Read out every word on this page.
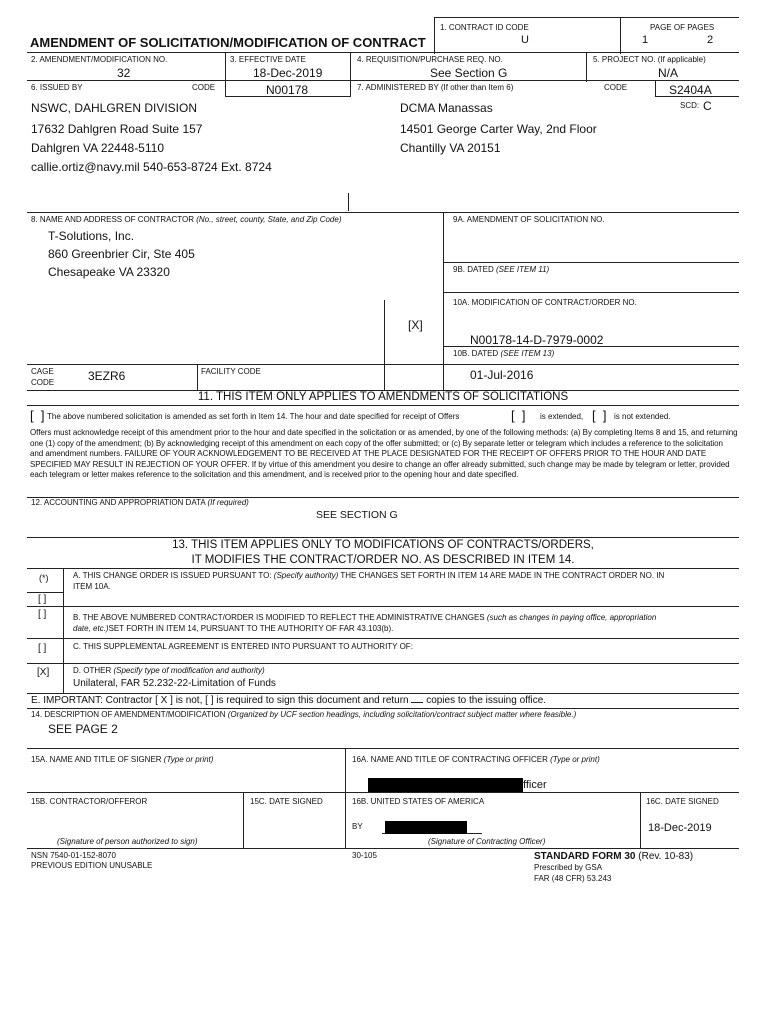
AMENDMENT OF SOLICITATION/MODIFICATION OF CONTRACT
1. CONTRACT ID CODE
U
PAGE OF PAGES
1	2
2. AMENDMENT/MODIFICATION NO.
32
3. EFFECTIVE DATE
18-Dec-2019
4. REQUISITION/PURCHASE REQ. NO.
See Section G
5. PROJECT NO. (If applicable)
N/A
6. ISSUED BY	CODE	N00178	7. ADMINISTERED BY (If other than Item 6)	CODE	S2404A
SCD: C
NSWC, DAHLGREN DIVISION
17632 Dahlgren Road Suite 157
Dahlgren VA 22448-5110
callie.ortiz@navy.mil 540-653-8724 Ext. 8724
DCMA Manassas
14501 George Carter Way, 2nd Floor
Chantilly VA 20151
8. NAME AND ADDRESS OF CONTRACTOR (No., street, county, State, and Zip Code)
T-Solutions, Inc.
860 Greenbrier Cir, Ste 405
Chesapeake VA 23320
CAGE
CODE	3EZR6	FACILITY CODE
9A. AMENDMENT OF SOLICITATION NO.
9B. DATED (SEE ITEM 11)
[X]
10A. MODIFICATION OF CONTRACT/ORDER NO.
N00178-14-D-7979-0002
10B. DATED (SEE ITEM 13)
01-Jul-2016
11. THIS ITEM ONLY APPLIES TO AMENDMENTS OF SOLICITATIONS
[  ] The above numbered solicitation is amended as set forth in Item 14. The hour and date specified for receipt of Offers	[  ] is extended, [  ] is not extended.
Offers must acknowledge receipt of this amendment prior to the hour and date specified in the solicitation or as amended, by one of the following methods: (a) By completing Items 8 and 15, and returning one (1) copy of the amendment; (b) By acknowledging receipt of this amendment on each copy of the offer submitted; or (c) By separate letter or telegram which includes a reference to the solicitation and amendment numbers. FAILURE OF YOUR ACKNOWLEDGEMENT TO BE RECEIVED AT THE PLACE DESIGNATED FOR THE RECEIPT OF OFFERS PRIOR TO THE HOUR AND DATE SPECIFIED MAY RESULT IN REJECTION OF YOUR OFFER. If by virtue of this amendment you desire to change an offer already submitted, such change may be made by telegram or letter, provided each telegram or letter makes reference to the solicitation and this amendment, and is received prior to the opening hour and date specified.
12. ACCOUNTING AND APPROPRIATION DATA (If required)
SEE SECTION G
13. THIS ITEM APPLIES ONLY TO MODIFICATIONS OF CONTRACTS/ORDERS,
IT MODIFIES THE CONTRACT/ORDER NO. AS DESCRIBED IN ITEM 14.
(*)	A. THIS CHANGE ORDER IS ISSUED PURSUANT TO: (Specify authority) THE CHANGES SET FORTH IN ITEM 14 ARE MADE IN THE CONTRACT ORDER NO. IN
ITEM 10A.
[ ]
[ ]	B. THE ABOVE NUMBERED CONTRACT/ORDER IS MODIFIED TO REFLECT THE ADMINISTRATIVE CHANGES (such as changes in paying office, appropriation
date, etc.)SET FORTH IN ITEM 14, PURSUANT TO THE AUTHORITY OF FAR 43.103(b).
[ ]	C. THIS SUPPLEMENTAL AGREEMENT IS ENTERED INTO PURSUANT TO AUTHORITY OF:
[X]	D. OTHER (Specify type of modification and authority)
Unilateral, FAR 52.232-22-Limitation of Funds
E. IMPORTANT: Contractor [ X ] is not, [ ] is required to sign this document and return copies to the issuing office.
14. DESCRIPTION OF AMENDMENT/MODIFICATION (Organized by UCF section headings, including solicitation/contract subject matter where feasible.)
SEE PAGE 2
15A. NAME AND TITLE OF SIGNER (Type or print)	16A. NAME AND TITLE OF CONTRACTING OFFICER (Type or print)
fficer
15B. CONTRACTOR/OFFEROR	15C. DATE SIGNED	16B. UNITED STATES OF AMERICA	16C. DATE SIGNED
BY	18-Dec-2019
(Signature of person authorized to sign)	(Signature of Contracting Officer)
NSN 7540-01-152-8070
PREVIOUS EDITION UNUSABLE
30-105	STANDARD FORM 30 (Rev. 10-83)
Prescribed by GSA
FAR (48 CFR) 53.243
